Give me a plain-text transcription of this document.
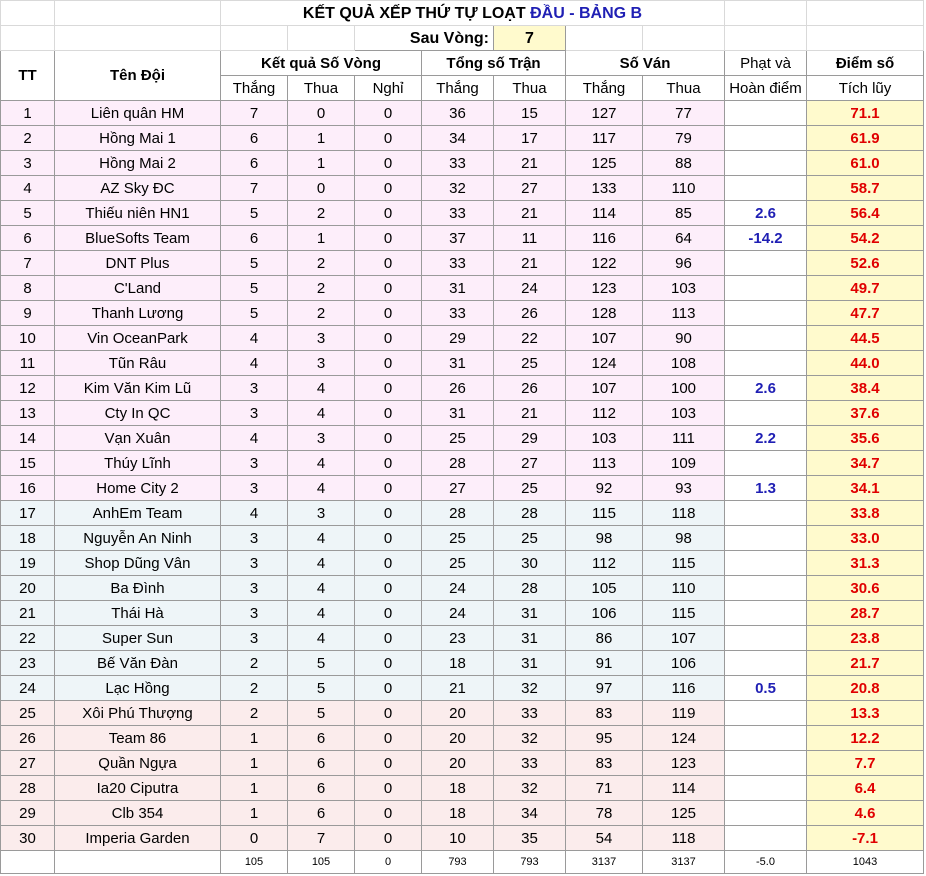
		KẾT QUẢ XẾP THỨ TỰ LOẠT ĐẦU - BẢNG B								
				Sau Vòng:		7				
TT	Tên Đội	Kết quả Số Vòng			Tổng số Trận		Số Ván		Phạt và	Điểm số
		Thắng	Thua	Nghỉ	Thắng	Thua	Thắng	Thua	Hoàn điểm	Tích lũy
1	Liên quân HM	7	0	0	36	15	127	77		71.1
2	Hồng Mai 1	6	1	0	34	17	117	79		61.9
3	Hồng Mai 2	6	1	0	33	21	125	88		61.0
4	AZ Sky ĐC	7	0	0	32	27	133	110		58.7
5	Thiếu niên HN1	5	2	0	33	21	114	85	2.6	56.4
6	BlueSofts Team	6	1	0	37	11	116	64	-14.2	54.2
7	DNT Plus	5	2	0	33	21	122	96		52.6
8	C'Land	5	2	0	31	24	123	103		49.7
9	Thanh Lương	5	2	0	33	26	128	113		47.7
10	Vin OceanPark	4	3	0	29	22	107	90		44.5
11	Tũn Râu	4	3	0	31	25	124	108		44.0
12	Kim Văn Kim Lũ	3	4	0	26	26	107	100	2.6	38.4
13	Cty In QC	3	4	0	31	21	112	103		37.6
14	Vạn Xuân	4	3	0	25	29	103	111	2.2	35.6
15	Thúy Lĩnh	3	4	0	28	27	113	109		34.7
16	Home City 2	3	4	0	27	25	92	93	1.3	34.1
17	AnhEm Team	4	3	0	28	28	115	118		33.8
18	Nguyễn An Ninh	3	4	0	25	25	98	98		33.0
19	Shop Dũng Vân	3	4	0	25	30	112	115		31.3
20	Ba Đình	3	4	0	24	28	105	110		30.6
21	Thái Hà	3	4	0	24	31	106	115		28.7
22	Super Sun	3	4	0	23	31	86	107		23.8
23	Bế Văn Đàn	2	5	0	18	31	91	106		21.7
24	Lạc Hồng	2	5	0	21	32	97	116	0.5	20.8
25	Xôi Phú Thượng	2	5	0	20	33	83	119		13.3
26	Team 86	1	6	0	20	32	95	124		12.2
27	Quần Ngựa	1	6	0	20	33	83	123		7.7
28	Ia20 Ciputra	1	6	0	18	32	71	114		6.4
29	Clb 354	1	6	0	18	34	78	125		4.6
30	Imperia Garden	0	7	0	10	35	54	118		-7.1
		105	105	0	793	793	3137	3137	-5.0	1043
